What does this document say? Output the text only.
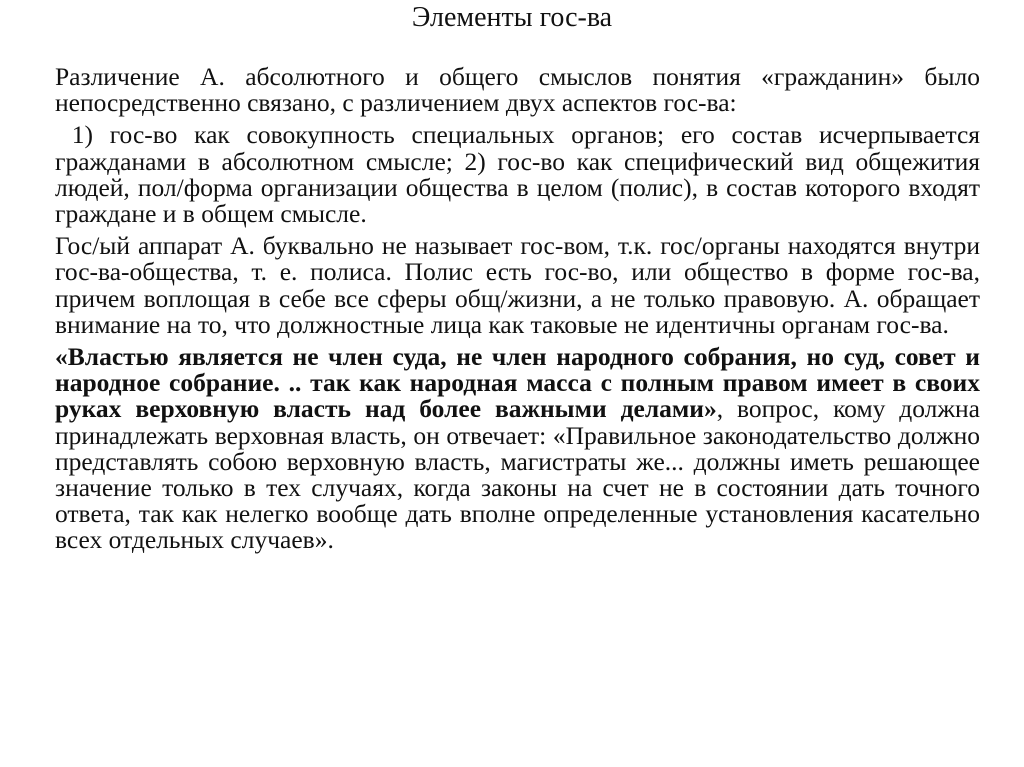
Элементы гос-ва

Различение А. абсолютного и общего смыслов понятия «гражданин» было непосредственно связано, с различением двух аспектов гос-ва:

1) гос-во как совокупность специальных органов; его состав исчерпывается гражданами в абсолютном смысле; 2) гос-во как специфический вид общежития людей, пол/форма организации общества в целом (полис), в состав которого входят граждане и в общем смысле.

Гос/ый аппарат А. буквально не называет гос-вом, т.к. гос/органы находятся внутри гос-ва-общества, т. е. полиса. Полис есть гос-во, или общество в форме гос-ва, причем воплощая в себе все сферы общ/жизни, а не только правовую. А. обращает внимание на то, что должностные лица как таковые не идентичны органам гос-ва.

«Властью является не член суда, не член народного собрания, но суд, совет и народное собрание. .. так как народная масса с полным правом имеет в своих руках верховную власть над более важными делами», вопрос, кому должна принадлежать верховная власть, он отвечает: «Правильное законодательство должно представлять собою верховную власть, магистраты же... должны иметь решающее значение только в тех случаях, когда законы на счет не в состоянии дать точного ответа, так как нелегко вообще дать вполне определенные установления касательно всех отдельных случаев».
